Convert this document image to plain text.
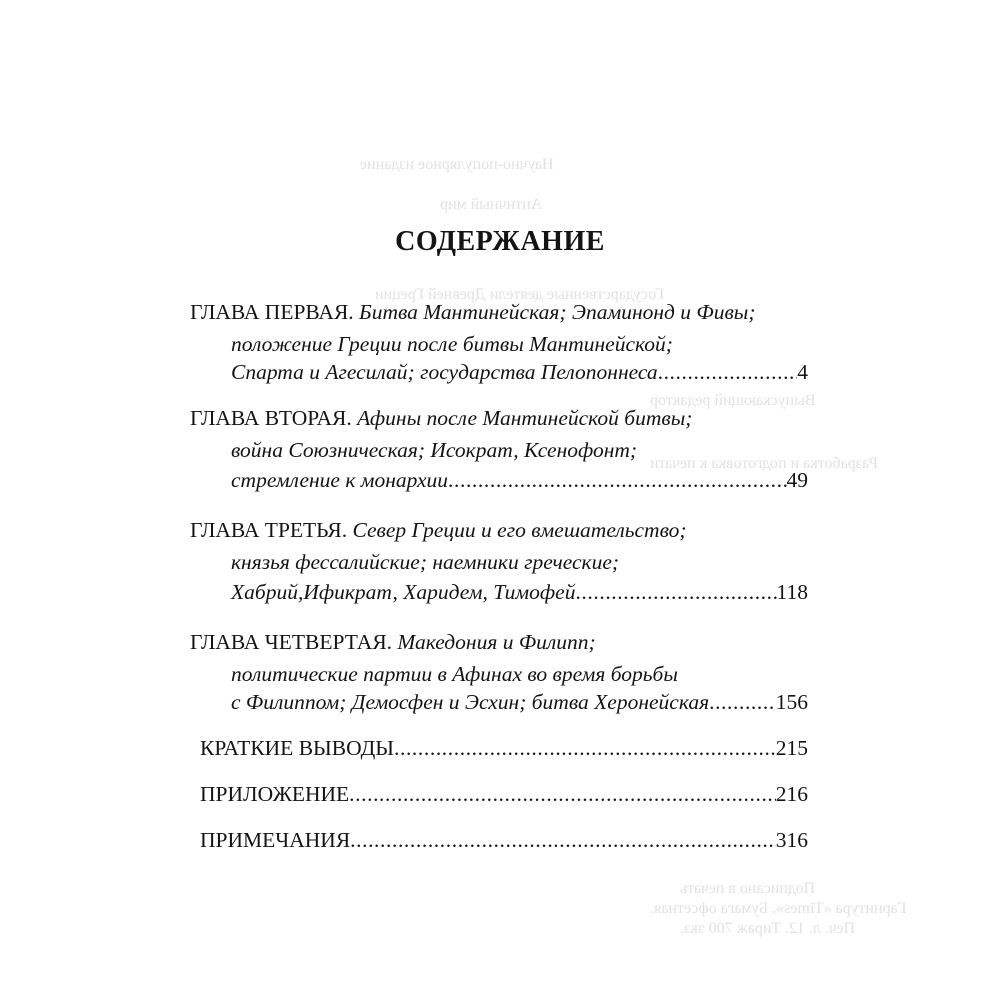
Научно-популярное издание
Античный мир
Государственные деятели Древней Греции
Выпускающий редактор
Разработка и подготовка к печати
Подписано в печать
Гарнитура «Times». Бумага офсетная.
Печ. л. 12. Тираж 700 экз.
СОДЕРЖАНИЕ
ГЛАВА ПЕРВАЯ. Битва Мантинейская; Эпаминонд и Фивы;
положение Греции после битвы Мантинейской;
Спарта и Агесилай; государства Пелопоннеса .....	4
ГЛАВА ВТОРАЯ. Афины после Мантинейской битвы;
война Союзническая; Исократ, Ксенофонт;
стремление к монархии .....	49
ГЛАВА ТРЕТЬЯ. Север Греции и его вмешательство;
князья фессалийские; наемники греческие;
Хабрий,Ификрат, Харидем, Тимофей .....	118
ГЛАВА ЧЕТВЕРТАЯ. Македония и Филипп;
политические партии в Афинах во время борьбы
с Филиппом; Демосфен и Эсхин; битва Херонейская .....	156
КРАТКИЕ ВЫВОДЫ .....	215
ПРИЛОЖЕНИЕ .....	216
ПРИМЕЧАНИЯ .....	316
